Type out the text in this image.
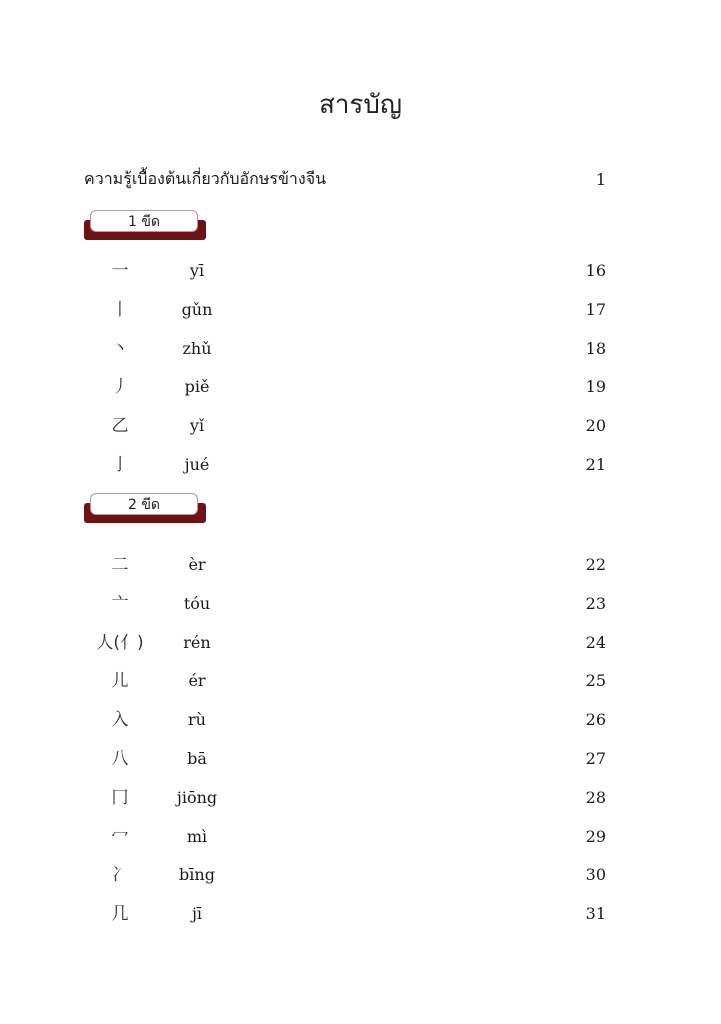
สารบัญ
ความรู้เบื้องต้นเกี่ยวกับอักษรข้างจีน	1
1 ขีด
一	yī	16
丨	gǔn	17
丶	zhǔ	18
丿	piě	19
乙	yǐ	20
亅	jué	21
2 ขีด
二	èr	22
亠	tóu	23
人(亻)	rén	24
儿	ér	25
入	rù	26
八	bā	27
冂	jiōng	28
冖	mì	29
冫	bīng	30
几	jī	31
